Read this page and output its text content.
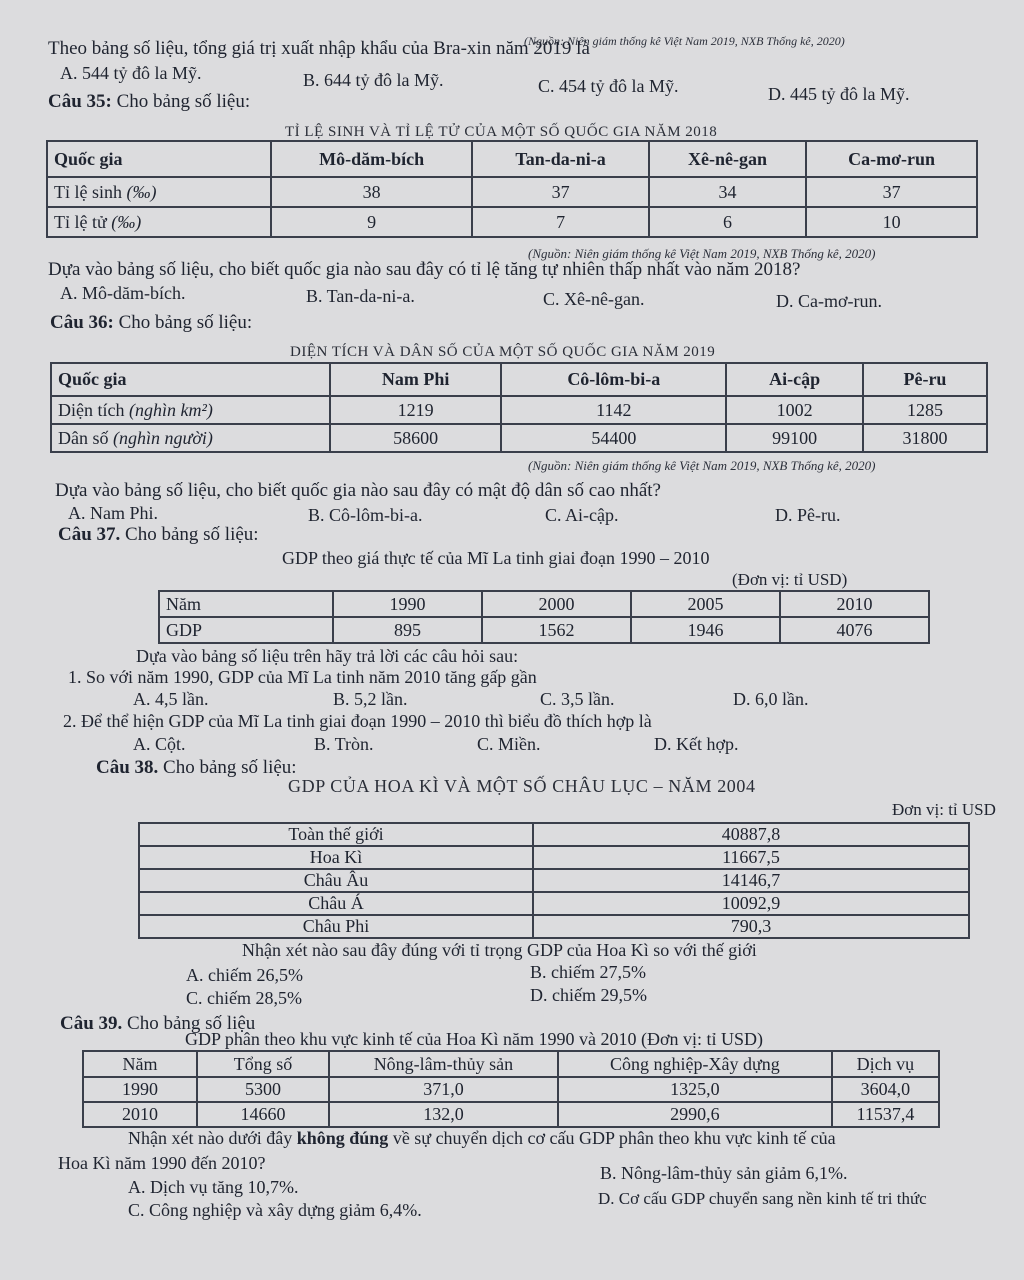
(Nguồn: Niên giám thống kê Việt Nam 2019, NXB Thống kê, 2020)
Theo bảng số liệu, tổng giá trị xuất nhập khẩu của Bra-xin năm 2019 là
A. 544 tỷ đô la Mỹ.	B. 644 tỷ đô la Mỹ.	C. 454 tỷ đô la Mỹ.	D. 445 tỷ đô la Mỹ.
Câu 35: Cho bảng số liệu:
TỈ LỆ SINH VÀ TỈ LỆ TỬ CỦA MỘT SỐ QUỐC GIA NĂM 2018
Quốc gia	Mô-dăm-bích	Tan-da-ni-a	Xê-nê-gan	Ca-mơ-run
Tỉ lệ sinh (‰)	38	37	34	37
Tỉ lệ tử (‰)	9	7	6	10
(Nguồn: Niên giám thống kê Việt Nam 2019, NXB Thống kê, 2020)
Dựa vào bảng số liệu, cho biết quốc gia nào sau đây có tỉ lệ tăng tự nhiên thấp nhất vào năm 2018?
A. Mô-dăm-bích.	B. Tan-da-ni-a.	C. Xê-nê-gan.	D. Ca-mơ-run.
Câu 36: Cho bảng số liệu:
DIỆN TÍCH VÀ DÂN SỐ CỦA MỘT SỐ QUỐC GIA NĂM 2019
Quốc gia	Nam Phi	Cô-lôm-bi-a	Ai-cập	Pê-ru
Diện tích (nghìn km²)	1219	1142	1002	1285
Dân số (nghìn người)	58600	54400	99100	31800
(Nguồn: Niên giám thống kê Việt Nam 2019, NXB Thống kê, 2020)
Dựa vào bảng số liệu, cho biết quốc gia nào sau đây có mật độ dân số cao nhất?
A. Nam Phi.	B. Cô-lôm-bi-a.	C. Ai-cập.	D. Pê-ru.
Câu 37. Cho bảng số liệu:
GDP theo giá thực tế của Mĩ La tinh giai đoạn 1990 – 2010
(Đơn vị: tỉ USD)
Năm	1990	2000	2005	2010
GDP	895	1562	1946	4076
Dựa vào bảng số liệu trên hãy trả lời các câu hỏi sau:
1. So với năm 1990, GDP của Mĩ La tinh năm 2010 tăng gấp gần
A. 4,5 lần.	B. 5,2 lần.	C. 3,5 lần.	D. 6,0 lần.
2. Để thể hiện GDP của Mĩ La tinh giai đoạn 1990 – 2010 thì biểu đồ thích hợp là
A. Cột.	B. Tròn.	C. Miền.	D. Kết hợp.
Câu 38. Cho bảng số liệu:
GDP CỦA HOA KÌ VÀ MỘT SỐ CHÂU LỤC – NĂM 2004
Đơn vị: tỉ USD
Toàn thế giới	40887,8
Hoa Kì	11667,5
Châu Âu	14146,7
Châu Á	10092,9
Châu Phi	790,3
Nhận xét nào sau đây đúng với tỉ trọng GDP của Hoa Kì so với thế giới
A. chiếm 26,5%	B. chiếm 27,5%
C. chiếm 28,5%	D. chiếm 29,5%
Câu 39. Cho bảng số liệu
GDP phân theo khu vực kinh tế của Hoa Kì năm 1990 và 2010 (Đơn vị: tỉ USD)
Năm	Tổng số	Nông-lâm-thủy sản	Công nghiệp-Xây dựng	Dịch vụ
1990	5300	371,0	1325,0	3604,0
2010	14660	132,0	2990,6	11537,4
Nhận xét nào dưới đây không đúng về sự chuyển dịch cơ cấu GDP phân theo khu vực kinh tế của
Hoa Kì năm 1990 đến 2010?
A. Dịch vụ tăng 10,7%.
B. Nông-lâm-thủy sản giảm 6,1%.
C. Công nghiệp và xây dựng giảm 6,4%.
D. Cơ cấu GDP chuyển sang nền kinh tế tri thức
